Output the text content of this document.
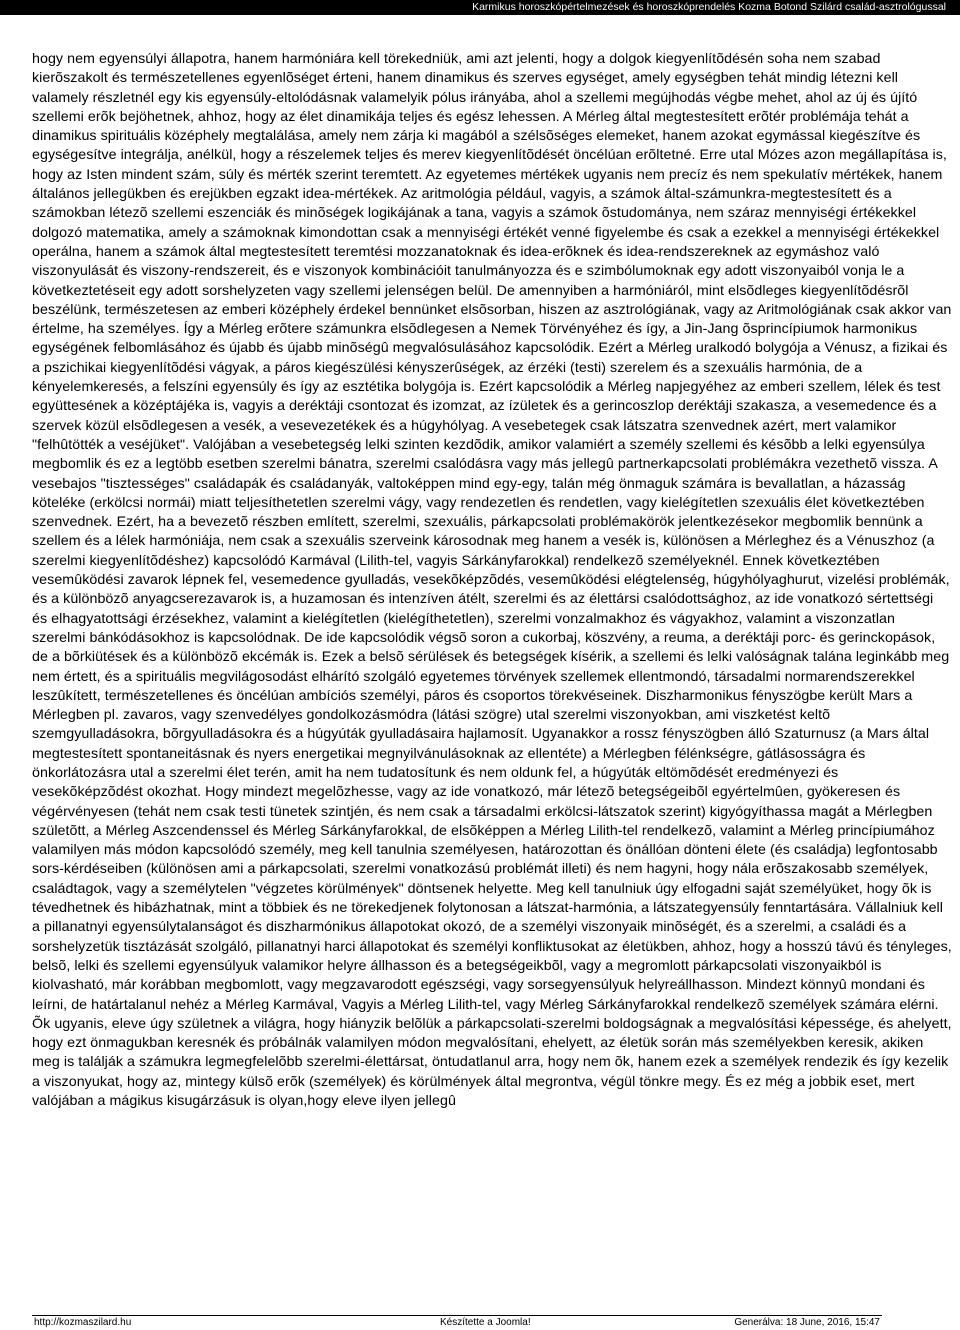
Karmikus horoszkópértelmezések és horoszkóprendelés Kozma Botond Szilárd család-asztrológussal

hogy nem egyensúlyi állapotra, hanem harmóniára kell törekedniük, ami azt jelenti, hogy a dolgok kiegyenlítõdésén soha nem szabad kierõszakolt és természetellenes egyenlõséget érteni, hanem dinamikus és szerves egységet, amely egységben tehát mindig létezni kell valamely részletnél egy kis egyensúly-eltolódásnak valamelyik pólus irányába, ahol a szellemi megújhodás végbe mehet, ahol az új és újító szellemi erõk bejöhetnek, ahhoz, hogy az élet dinamikája teljes és egész lehessen. A Mérleg által megtestesített erõtér problémája tehát a dinamikus spirituális középhely megtalálása, amely nem zárja ki magából a szélsõséges elemeket, hanem azokat egymással kiegészítve és egységesítve integrálja, anélkül, hogy a részelemek teljes és merev kiegyenlítõdését öncélúan erõltetné. Erre utal Mózes azon megállapítása is, hogy az Isten mindent szám, súly és mérték szerint teremtett. Az egyetemes mértékek ugyanis nem precíz és nem spekulatív mértékek, hanem általános jellegükben és erejükben egzakt idea-mértékek. Az aritmológia például, vagyis, a számok által-számunkra-megtestesített és a számokban létezõ szellemi eszenciák és minõségek logikájának a tana, vagyis a számok õstudománya, nem száraz mennyiségi értékekkel dolgozó matematika, amely a számoknak kimondottan csak a mennyiségi értékét venné figyelembe és csak a ezekkel a mennyiségi értékekkel operálna, hanem a számok által megtestesített teremtési mozzanatoknak és idea-erõknek és idea-rendszereknek az egymáshoz való viszonyulását és viszony-rendszereit, és e viszonyok kombinációit tanulmányozza és e szimbólumoknak egy adott viszonyaiból vonja le a következtetéseit egy adott sorshelyzeten vagy szellemi jelenségen belül. De amennyiben a harmóniáról, mint elsõdleges kiegyenlítõdésrõl beszélünk, természetesen az emberi középhely érdekel bennünket elsõsorban, hiszen az asztrológiának, vagy az Aritmológiának csak akkor van értelme, ha személyes. Így a Mérleg erõtere számunkra elsõdlegesen a Nemek Törvényéhez és így, a Jin-Jang õsprincípiumok harmonikus egységének felbomlásához és újabb és újabb minõségû megvalósulásához kapcsolódik. Ezért a Mérleg uralkodó bolygója a Vénusz, a fizikai és a pszichikai kiegyenlítõdési vágyak, a páros kiegészülési kényszerûségek, az érzéki (testi) szerelem és a szexuális harmónia, de a kényelemkeresés, a felszíni egyensúly és így az esztétika bolygója is. Ezért kapcsolódik a Mérleg napjegyéhez az emberi szellem, lélek és test együttesének a középtájéka is, vagyis a deréktáji csontozat és izomzat, az ízületek és a gerincoszlop deréktáji szakasza, a vesemedence és a szervek közül elsõdlegesen a vesék, a vesevezetékek és a húgyhólyag. A vesebetegek csak látszatra szenvednek azért, mert valamikor "felhûtötték a veséjüket". Valójában a vesebetegség lelki szinten kezdõdik, amikor valamiért a személy szellemi és késõbb a lelki egyensúlya megbomlik és ez a legtöbb esetben szerelmi bánatra, szerelmi csalódásra vagy más jellegû partnerkapcsolati problémákra vezethetõ vissza. A vesebajos "tisztességes" családapák és családanyák, valtoképpen mind egy-egy, talán még önmaguk számára is bevallatlan, a házasság köteléke (erkölcsi normái) miatt teljesíthetetlen szerelmi vágy, vagy rendezetlen és rendetlen, vagy kielégítetlen szexuális élet következtében szenvednek. Ezért, ha a bevezetõ részben említett, szerelmi, szexuális, párkapcsolati problémakörök jelentkezésekor megbomlik bennünk a szellem és a lélek harmóniája, nem csak a szexuális szerveink károsodnak meg hanem a vesék is, különösen a Mérleghez és a Vénuszhoz (a szerelmi kiegyenlítõdéshez) kapcsolódó Karmával (Lilith-tel, vagyis Sárkányfarokkal) rendelkezõ személyeknél. Ennek következtében vesemûködési zavarok lépnek fel, vesemedence gyulladás, vesekõképzõdés, vesemûködési elégtelenség, húgyhólyaghurut, vizelési problémák, és a különbözõ anyagcserezavarok is, a huzamosan és intenzíven átélt, szerelmi és az élettársi csalódottsághoz, az ide vonatkozó sértettségi és elhagyatottsági érzésekhez, valamint a kielégítetlen (kielégíthetetlen), szerelmi vonzalmakhoz és vágyakhoz, valamint a viszonzatlan szerelmi bánkódásokhoz is kapcsolódnak. De ide kapcsolódik végsõ soron a cukorbaj, köszvény, a reuma, a deréktáji porc- és gerinckopások, de a bõrkiütések és a különbözõ ekcémák is. Ezek a belsõ sérülések és betegségek kísérik, a szellemi és lelki valóságnak talána leginkább meg nem értett, és a spirituális megvilágosodást elhárító szolgáló egyetemes törvények szellemek ellentmondó, társadalmi normarendszerekkel leszûkített, természetellenes és öncélúan ambíciós személyi, páros és csoportos törekvéseinek. Diszharmonikus fényszögbe került Mars a Mérlegben pl. zavaros, vagy szenvedélyes gondolkozásmódra (látási szögre) utal szerelmi viszonyokban, ami viszketést keltõ szemgyulladásokra, bõrgyulladásokra és a húgyúták gyulladásaira hajlamosít. Ugyanakkor a rossz fényszögben álló Szaturnusz (a Mars által megtestesített spontaneitásnak és nyers energetikai megnyilvánulásoknak az ellentéte) a Mérlegben félénkségre, gátlásosságra és önkorlátozásra utal a szerelmi élet terén, amit ha nem tudatosítunk és nem oldunk fel, a húgyúták eltömõdését eredményezi és vesekõképzõdést okozhat. Hogy mindezt megelõzhesse, vagy az ide vonatkozó, már létezõ betegségeibõl egyértelmûen, gyökeresen és végérvényesen (tehát nem csak testi tünetek szintjén, és nem csak a társadalmi erkölcsi-látszatok szerint) kigyógyíthassa magát a Mérlegben születõtt, a Mérleg Aszcendenssel és Mérleg Sárkányfarokkal, de elsõképpen a Mérleg Lilith-tel rendelkezõ, valamint a Mérleg princípiumához valamilyen más módon kapcsolódó személy, meg kell tanulnia személyesen, határozottan és önállóan dönteni élete (és családja) legfontosabb sors-kérdéseiben (különösen ami a párkapcsolati, szerelmi vonatkozású problémát illeti) és nem hagyni, hogy nála erõszakosabb személyek, családtagok, vagy a személytelen "végzetes körülmények" döntsenek helyette. Meg kell tanulniuk úgy elfogadni saját személyüket, hogy õk is tévedhetnek és hibázhatnak, mint a többiek és ne törekedjenek folytonosan a látszat-harmónia, a látszategyensúly fenntartására. Vállalniuk kell a pillanatnyi egyensúlytalanságot és diszharmónikus állapotokat okozó, de a személyi viszonyaik minõségét, és a szerelmi, a családi és a sorshelyzetük tisztázását szolgáló, pillanatnyi harci állapotokat és személyi konfliktusokat az életükben, ahhoz, hogy a hosszú távú és tényleges, belsõ, lelki és szellemi egyensúlyuk valamikor helyre állhasson és a betegségeikbõl, vagy a megromlott párkapcsolati viszonyaikból is kiolvasható, már korábban megbomlott, vagy megzavarodott egészségi, vagy sorsegyensúlyuk helyreállhasson. Mindezt könnyû mondani és leírni, de határtalanul nehéz a Mérleg Karmával, Vagyis a Mérleg Lilith-tel, vagy Mérleg Sárkányfarokkal rendelkezõ személyek számára elérni. Õk ugyanis, eleve úgy születnek a világra, hogy hiányzik belõlük a párkapcsolati-szerelmi boldogságnak a megvalósítási képessége, és ahelyett, hogy ezt önmagukban keresnék és próbálnák valamilyen módon megvalósítani, ehelyett, az életük során más személyekben keresik, akiken meg is találják a számukra legmegfelelõbb szerelmi-élettársat, öntudatlanul arra, hogy nem õk, hanem ezek a személyek rendezik és így kezelik a viszonyukat, hogy az, mintegy külsõ erõk (személyek) és körülmények által megrontva, végül tönkre megy. És ez még a jobbik eset, mert valójában a mágikus kisugárzásuk is olyan,hogy eleve ilyen jellegû

http://kozmaszilard.hu	Készítette a Joomla!	Generálva: 18 June, 2016, 15:47
